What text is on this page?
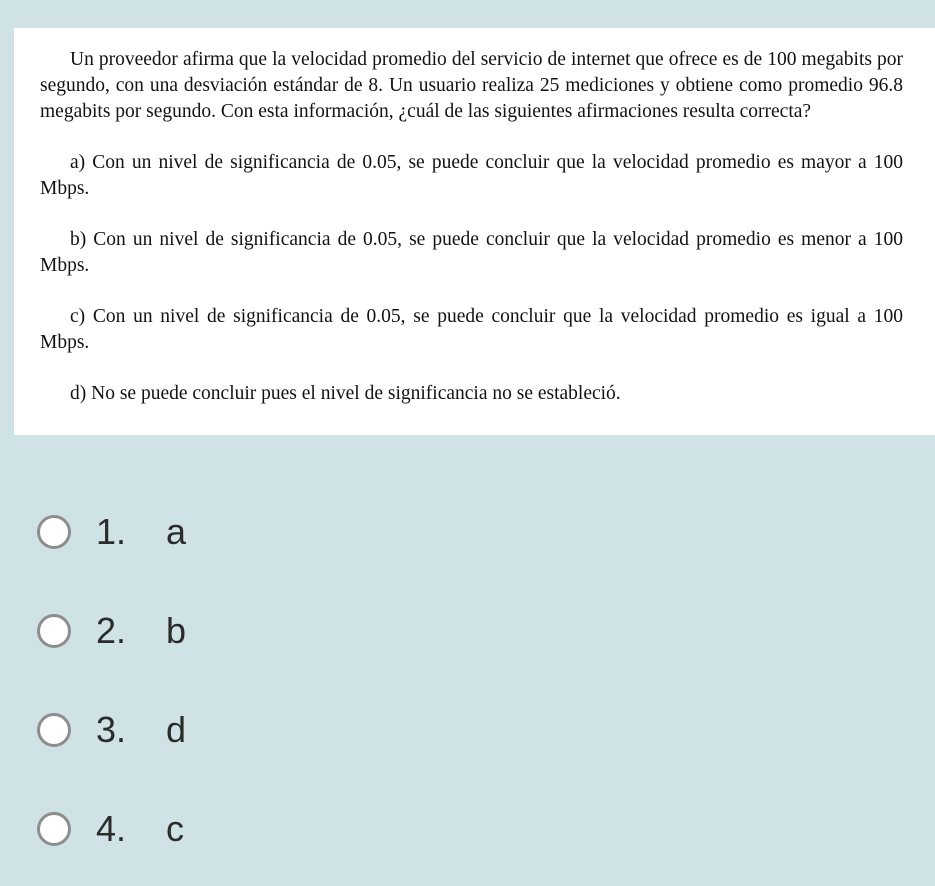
Un proveedor afirma que la velocidad promedio del servicio de internet que ofrece es de 100 megabits por segundo, con una desviación estándar de 8. Un usuario realiza 25 mediciones y obtiene como promedio 96.8 megabits por segundo. Con esta información, ¿cuál de las siguientes afirmaciones resulta correcta?

a) Con un nivel de significancia de 0.05, se puede concluir que la velocidad promedio es mayor a 100 Mbps.

b) Con un nivel de significancia de 0.05, se puede concluir que la velocidad promedio es menor a 100 Mbps.

c) Con un nivel de significancia de 0.05, se puede concluir que la velocidad promedio es igual a 100 Mbps.

d) No se puede concluir pues el nivel de significancia no se estableció.

1.	a
2.	b
3.	d
4.	c
